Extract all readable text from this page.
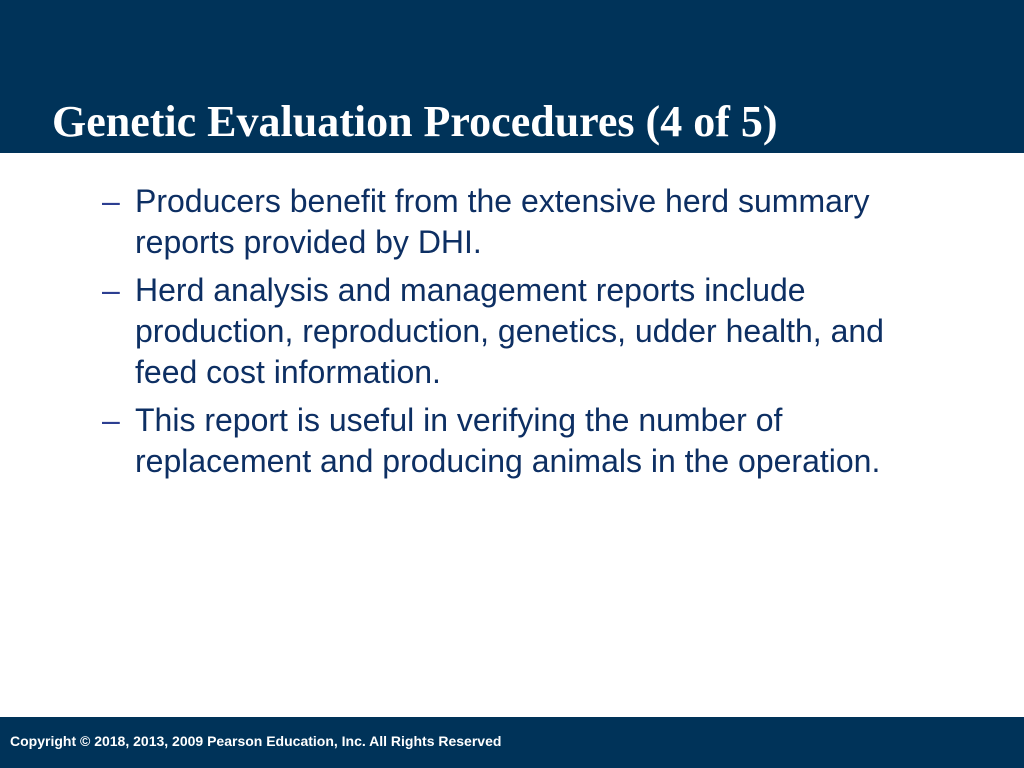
Genetic Evaluation Procedures (4 of 5)
– Producers benefit from the extensive herd summary reports provided by DHI.
– Herd analysis and management reports include production, reproduction, genetics, udder health, and feed cost information.
– This report is useful in verifying the number of replacement and producing animals in the operation.
Copyright © 2018, 2013, 2009 Pearson Education, Inc. All Rights Reserved
